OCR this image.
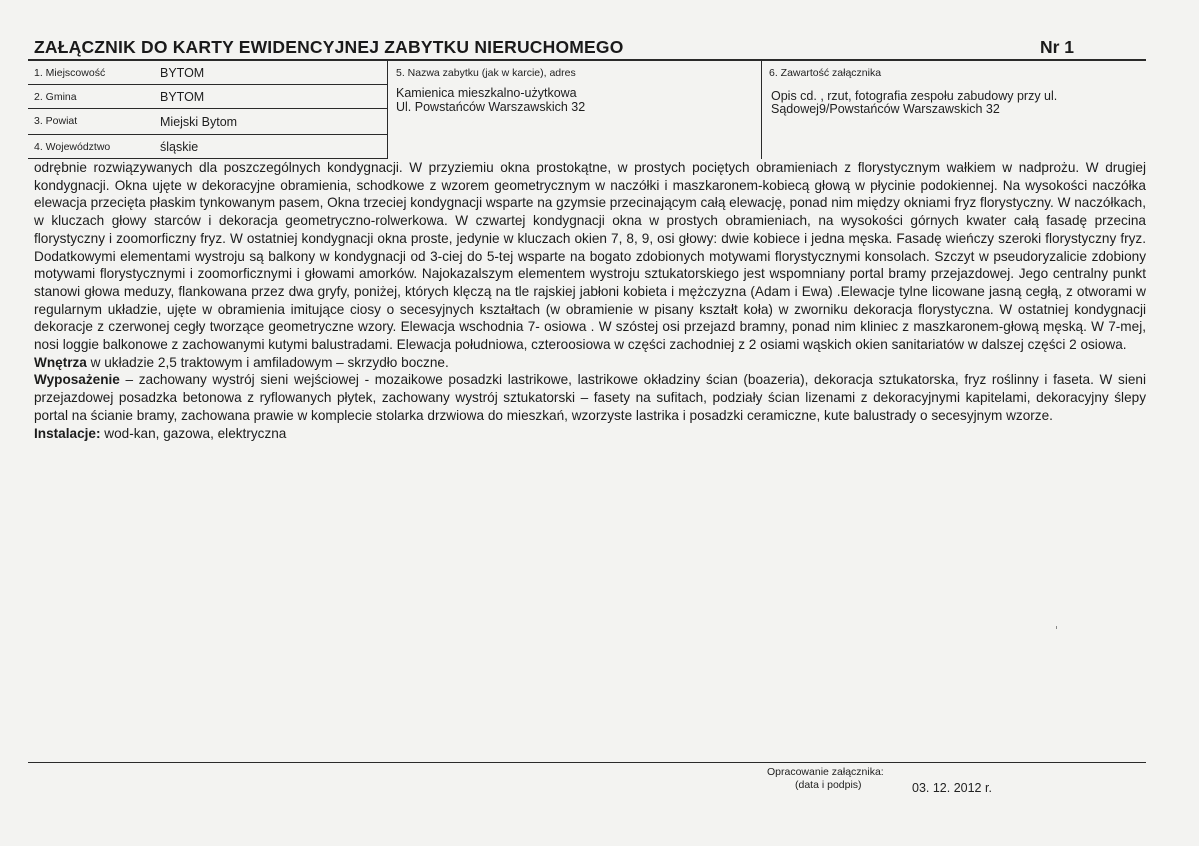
ZAŁĄCZNIK DO KARTY EWIDENCYJNEJ ZABYTKU NIERUCHOMEGO	Nr 1
1. Miejscowość	BYTOM
2. Gmina	BYTOM
3. Powiat	Miejski Bytom
4. Województwo	śląskie
5. Nazwa zabytku (jak w karcie), adres
Kamienica mieszkalno-użytkowa
Ul. Powstańców Warszawskich 32
6. Zawartość załącznika
Opis cd. , rzut, fotografia zespołu zabudowy przy ul.
Sądowej9/Powstańców Warszawskich 32

odrębnie rozwiązywanych dla poszczególnych kondygnacji. W przyziemiu okna prostokątne, w prostych pociętych obramieniach z florystycznym wałkiem w nadprożu. W drugiej kondygnacji. Okna ujęte w dekoracyjne obramienia, schodkowe z wzorem geometrycznym w naczółki i maszkaronem-kobiecą głową w płycinie podokiennej. Na wysokości naczółka elewacja przecięta płaskim tynkowanym pasem, Okna trzeciej kondygnacji wsparte na gzymsie przecinającym całą elewację, ponad nim między okniami fryz florystyczny. W naczółkach, w kluczach głowy starców i dekoracja geometryczno-rolwerkowa. W czwartej kondygnacji okna w prostych obramieniach, na wysokości górnych kwater całą fasadę przecina florystyczny i zoomorficzny fryz. W ostatniej kondygnacji okna proste, jedynie w kluczach okien 7, 8, 9, osi głowy: dwie kobiece i jedna męska. Fasadę wieńczy szeroki florystyczny fryz. Dodatkowymi elementami wystroju są balkony w kondygnacji od 3-ciej do 5-tej wsparte na bogato zdobionych motywami florystycznymi konsolach. Szczyt w pseudoryzalicie zdobiony motywami florystycznymi i zoomorficznymi i głowami amorków. Najokazalszym elementem wystroju sztukatorskiego jest wspomniany portal bramy przejazdowej. Jego centralny punkt stanowi głowa meduzy, flankowana przez dwa gryfy, poniżej, których klęczą na tle rajskiej jabłoni kobieta i mężczyzna (Adam i Ewa) .Elewacje tylne licowane jasną cegłą, z otworami w regularnym układzie, ujęte w obramienia imitujące ciosy o secesyjnych kształtach (w obramienie w pisany kształt koła) w zworniku dekoracja florystyczna. W ostatniej kondygnacji dekoracje z czerwonej cegły tworzące geometryczne wzory. Elewacja wschodnia 7- osiowa . W szóstej osi przejazd bramny, ponad nim kliniec z maszkaronem-głową męską. W 7-mej, nosi loggie balkonowe z zachowanymi kutymi balustradami. Elewacja południowa, czteroosiowa w części zachodniej z 2 osiami wąskich okien sanitariatów w dalszej części 2 osiowa.

Wnętrza w układzie 2,5 traktowym i amfiladowym – skrzydło boczne.

Wyposażenie – zachowany wystrój sieni wejściowej - mozaikowe posadzki lastrikowe, lastrikowe okładziny ścian (boazeria), dekoracja sztukatorska, fryz roślinny i faseta. W sieni przejazdowej posadzka betonowa z ryflowanych płytek, zachowany wystrój sztukatorski – fasety na sufitach, podziały ścian lizenami z dekoracyjnymi kapitelami, dekoracyjny ślepy portal na ścianie bramy, zachowana prawie w komplecie stolarka drzwiowa do mieszkań, wzorzyste lastrika i posadzki ceramiczne, kute balustrady o secesyjnym wzorze.

Instalacje: wod-kan, gazowa, elektryczna

Opracowanie załącznika:
(data i podpis)	03. 12. 2012 r.
